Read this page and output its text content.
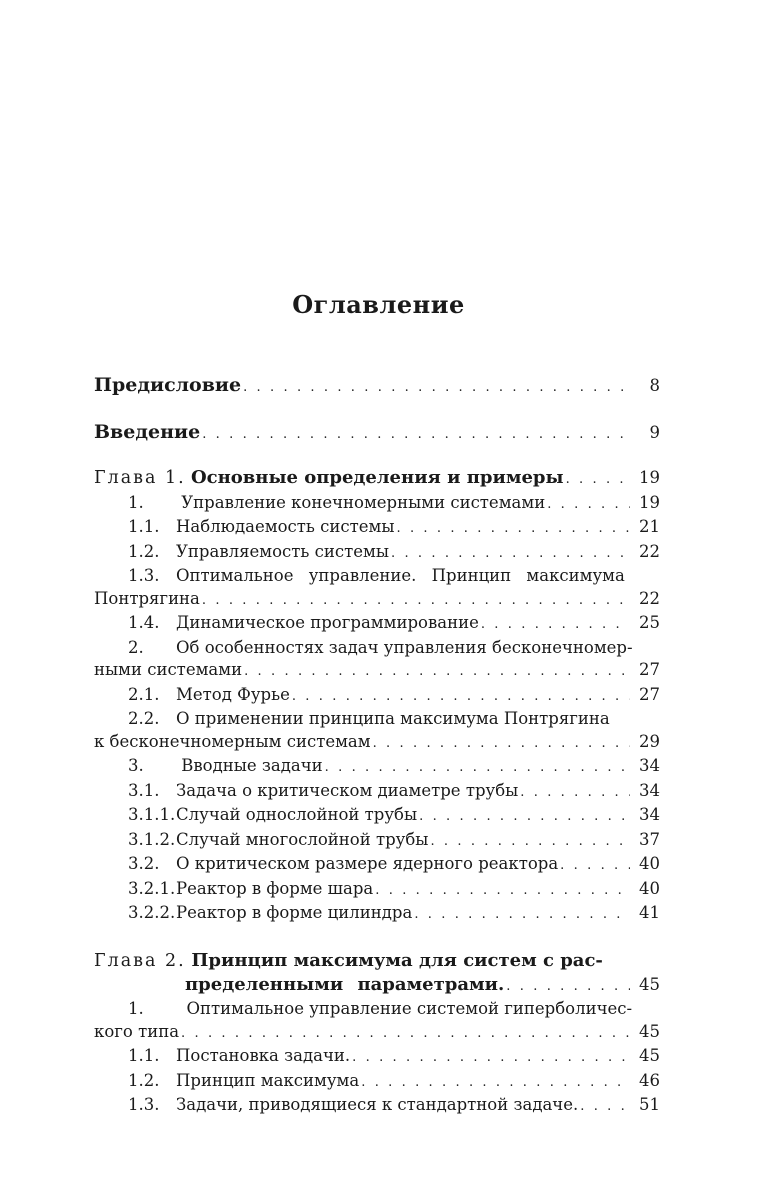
Оглавление
Предисловие . . .	8
Введение . . .	9
Глава 1. Основные определения и примеры . . .	19
1. Управление конечномерными системами . . .	19
1.1. Наблюдаемость системы . . .	21
1.2. Управляемость системы . . .	22
1.3. Оптимальное управление. Принцип максимума
Понтрягина . . .	22
1.4. Динамическое программирование . . .	25
2. Об особенностях задач управления бесконечномер-
ными системами . . .	27
2.1. Метод Фурье . . .	27
2.2. О применении принципа максимума Понтрягина
к бесконечномерным системам . . .	29
3. Вводные задачи . . .	34
3.1. Задача о критическом диаметре трубы . . .	34
3.1.1.Случай однослойной трубы . . .	34
3.1.2.Случай многослойной трубы . . .	37
3.2. О критическом размере ядерного реактора . . .	40
3.2.1.Реактор в форме шара . . .	40
3.2.2.Реактор в форме цилиндра . . .	41
Глава 2. Принцип максимума для систем с рас-
пределенными параметрами. . . .	45
1.	Оптимальное управление системой гиперболичес-
кого типа . . .	45
1.1. Постановка задачи. . . .	45
1.2. Принцип максимума . . .	46
1.3. Задачи, приводящиеся к стандартной задаче. . . .	51
